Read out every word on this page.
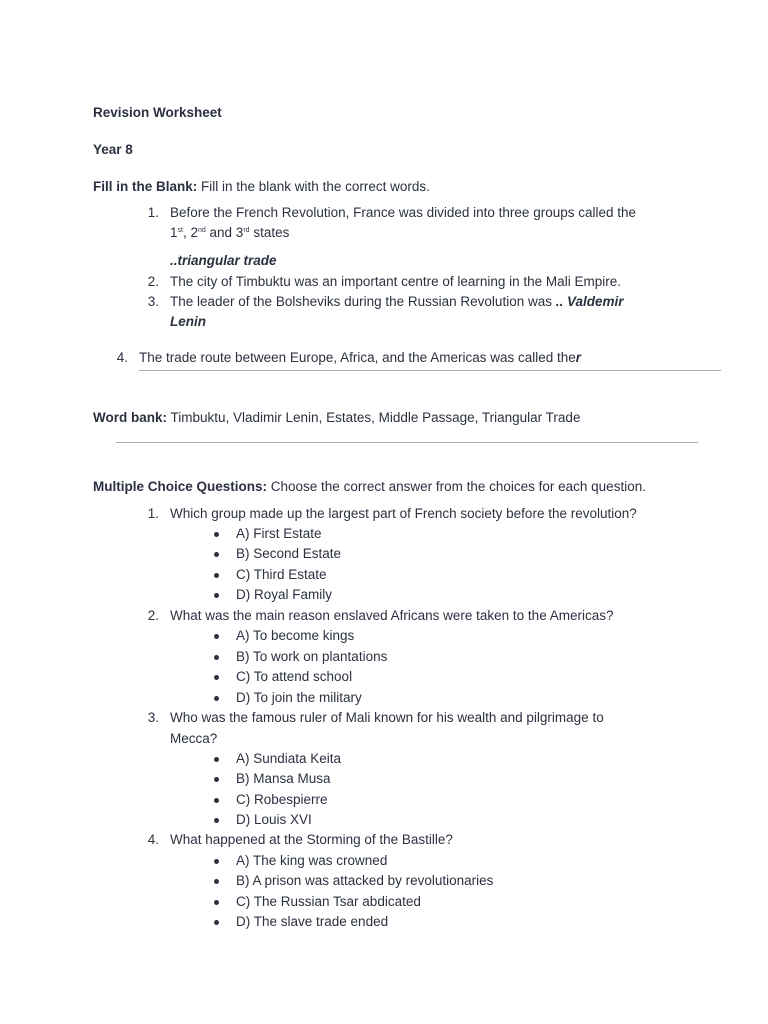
Revision Worksheet
Year 8
Fill in the Blank: Fill in the blank with the correct words.
1. Before the French Revolution, France was divided into three groups called the
1st, 2nd and 3rd states
..triangular trade
2. The city of Timbuktu was an important centre of learning in the Mali Empire.
3. The leader of the Bolsheviks during the Russian Revolution was .. Valdemir
Lenin
4. The trade route between Europe, Africa, and the Americas was called ther
Word bank: Timbuktu, Vladimir Lenin, Estates, Middle Passage, Triangular Trade
Multiple Choice Questions: Choose the correct answer from the choices for each question.
1. Which group made up the largest part of French society before the revolution?
A) First Estate
B) Second Estate
C) Third Estate
D) Royal Family
2. What was the main reason enslaved Africans were taken to the Americas?
A) To become kings
B) To work on plantations
C) To attend school
D) To join the military
3. Who was the famous ruler of Mali known for his wealth and pilgrimage to
Mecca?
A) Sundiata Keita
B) Mansa Musa
C) Robespierre
D) Louis XVI
4. What happened at the Storming of the Bastille?
A) The king was crowned
B) A prison was attacked by revolutionaries
C) The Russian Tsar abdicated
D) The slave trade ended
